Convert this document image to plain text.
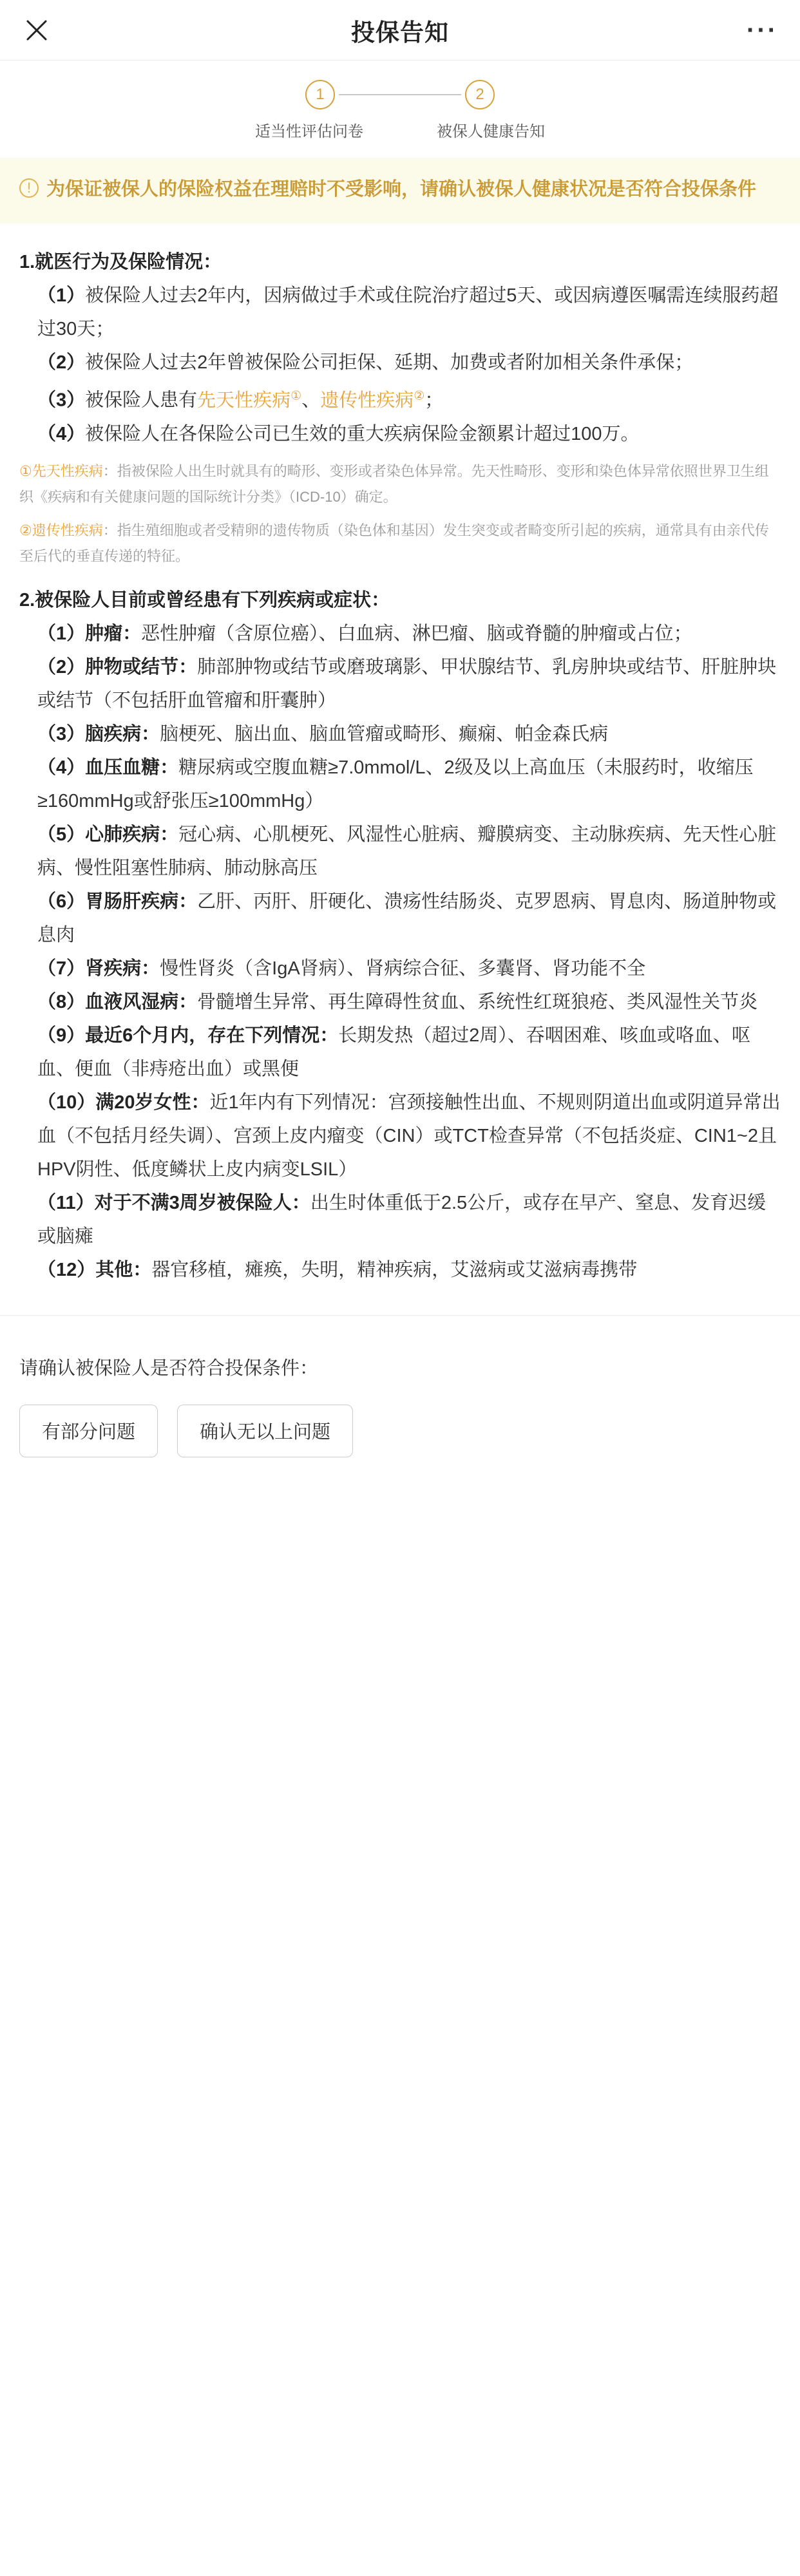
投保告知	···
1	2
适当性评估问卷	被保人健康告知
! 为保证被保人的保险权益在理赔时不受影响，请确认被保人健康状况是否符合投保条件
1.就医行为及保险情况：
（1）被保险人过去2年内，因病做过手术或住院治疗超过5天、或因病遵医嘱需连续服药超过30天；
（2）被保险人过去2年曾被保险公司拒保、延期、加费或者附加相关条件承保；
（3）被保险人患有先天性疾病①、遗传性疾病②；
（4）被保险人在各保险公司已生效的重大疾病保险金额累计超过100万。
①先天性疾病：指被保险人出生时就具有的畸形、变形或者染色体异常。先天性畸形、变形和染色体异常依照世界卫生组织《疾病和有关健康问题的国际统计分类》（ICD-10）确定。
②遗传性疾病：指生殖细胞或者受精卵的遗传物质（染色体和基因）发生突变或者畸变所引起的疾病，通常具有由亲代传至后代的垂直传递的特征。
2.被保险人目前或曾经患有下列疾病或症状：
（1）肿瘤：恶性肿瘤（含原位癌）、白血病、淋巴瘤、脑或脊髓的肿瘤或占位；
（2）肿物或结节：肺部肿物或结节或磨玻璃影、甲状腺结节、乳房肿块或结节、肝脏肿块或结节（不包括肝血管瘤和肝囊肿）
（3）脑疾病：脑梗死、脑出血、脑血管瘤或畸形、癫痫、帕金森氏病
（4）血压血糖：糖尿病或空腹血糖≥7.0mmol/L、2级及以上高血压（未服药时，收缩压≥160mmHg或舒张压≥100mmHg）
（5）心肺疾病：冠心病、心肌梗死、风湿性心脏病、瓣膜病变、主动脉疾病、先天性心脏病、慢性阻塞性肺病、肺动脉高压
（6）胃肠肝疾病：乙肝、丙肝、肝硬化、溃疡性结肠炎、克罗恩病、胃息肉、肠道肿物或息肉
（7）肾疾病：慢性肾炎（含IgA肾病）、肾病综合征、多囊肾、肾功能不全
（8）血液风湿病：骨髓增生异常、再生障碍性贫血、系统性红斑狼疮、类风湿性关节炎
（9）最近6个月内，存在下列情况：长期发热（超过2周）、吞咽困难、咳血或咯血、呕血、便血（非痔疮出血）或黑便
（10）满20岁女性：近1年内有下列情况：宫颈接触性出血、不规则阴道出血或阴道异常出血（不包括月经失调）、宫颈上皮内瘤变（CIN）或TCT检查异常（不包括炎症、CIN1~2且HPV阴性、低度鳞状上皮内病变LSIL）
（11）对于不满3周岁被保险人：出生时体重低于2.5公斤，或存在早产、窒息、发育迟缓或脑瘫
（12）其他：器官移植，瘫痪，失明，精神疾病，艾滋病或艾滋病毒携带
请确认被保险人是否符合投保条件：
有部分问题	确认无以上问题
